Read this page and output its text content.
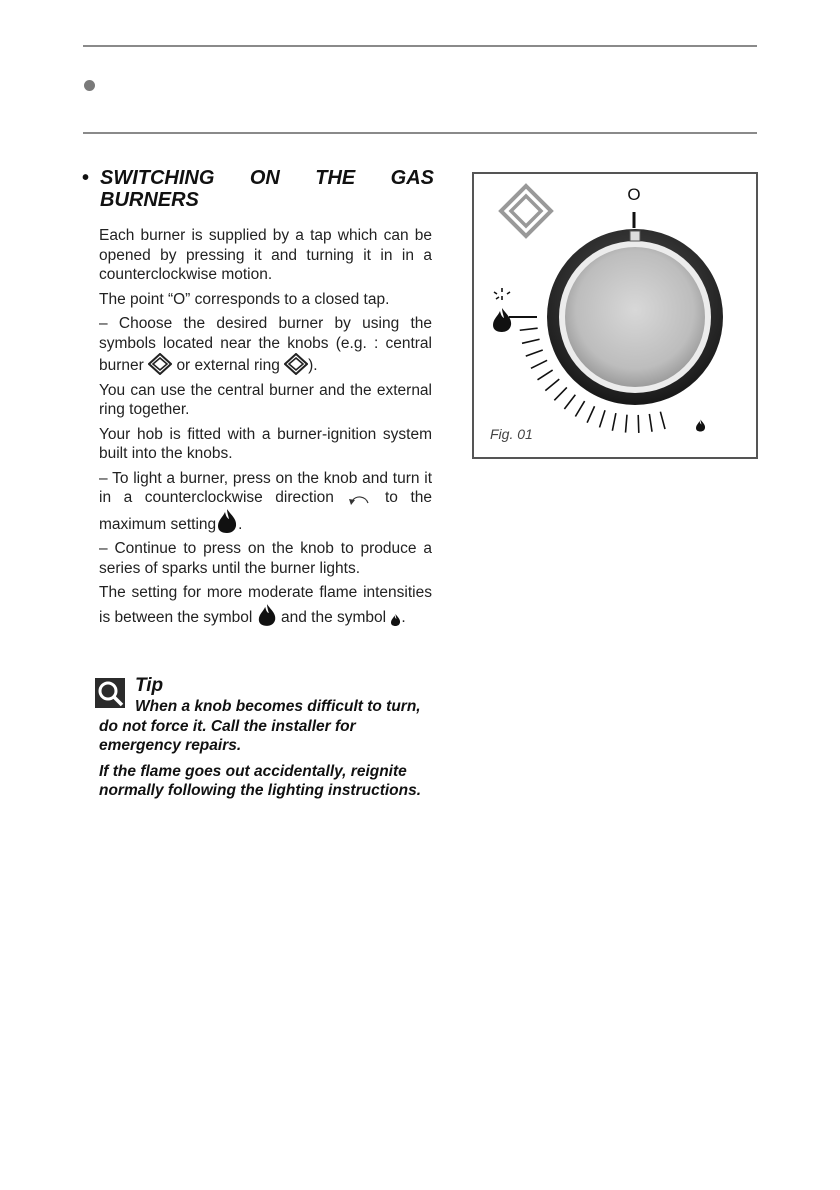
• SWITCHING ON THE GAS
BURNERS

Each burner is supplied by a tap which can be opened by pressing it and turning it in in a counterclockwise motion.

The point “O” corresponds to a closed tap.

– Choose the desired burner by using the symbols located near the knobs (e.g. : central burner or external ring ).

You can use the central burner and the external ring together.

Your hob is fitted with a burner-ignition system built into the knobs.

– To light a burner, press on the knob and turn it in a counterclockwise direction	to the maximum setting .

– Continue to press on the knob to produce a series of sparks until the burner lights.

The setting for more moderate flame intensities is between the symbol and the symbol .

Tip

When a knob becomes difficult to turn, do not force it. Call the installer for emergency repairs.

If the flame goes out accidentally, reignite normally following the lighting instructions.

O
Fig. 01
